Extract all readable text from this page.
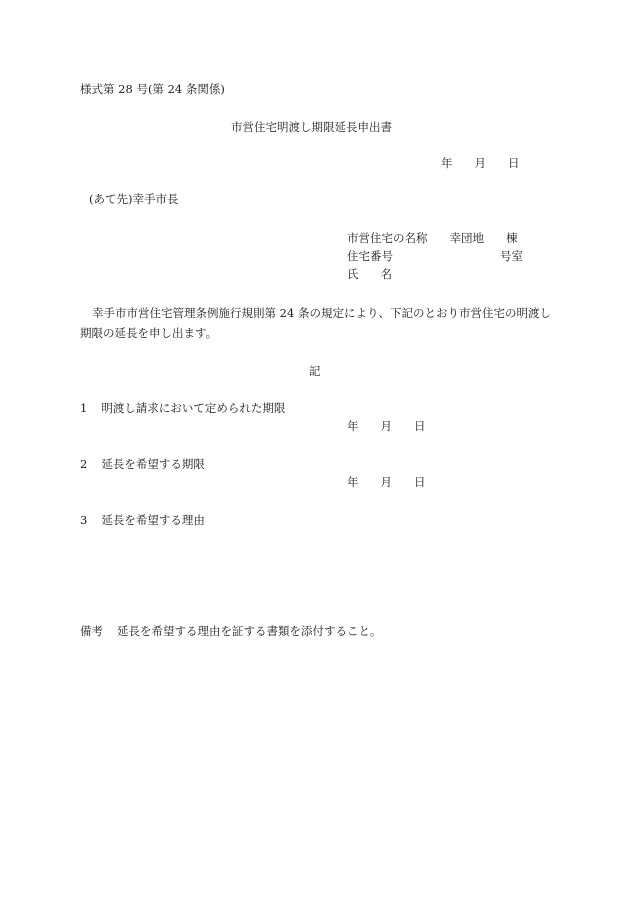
様式第 28 号(第 24 条関係)
市営住宅明渡し期限延長申出書
年 月 日
(あて先)幸手市長
市営住宅の名称 幸団地 棟
住宅番号	号室
氏 名
幸手市市営住宅管理条例施行規則第 24 条の規定により、下記のとおり市営住宅の明渡し期限の延長を申し出ます。
記
1 明渡し請求において定められた期限
年 月 日
2 延長を希望する期限
年 月 日
3 延長を希望する理由
備考 延長を希望する理由を証する書類を添付すること。
